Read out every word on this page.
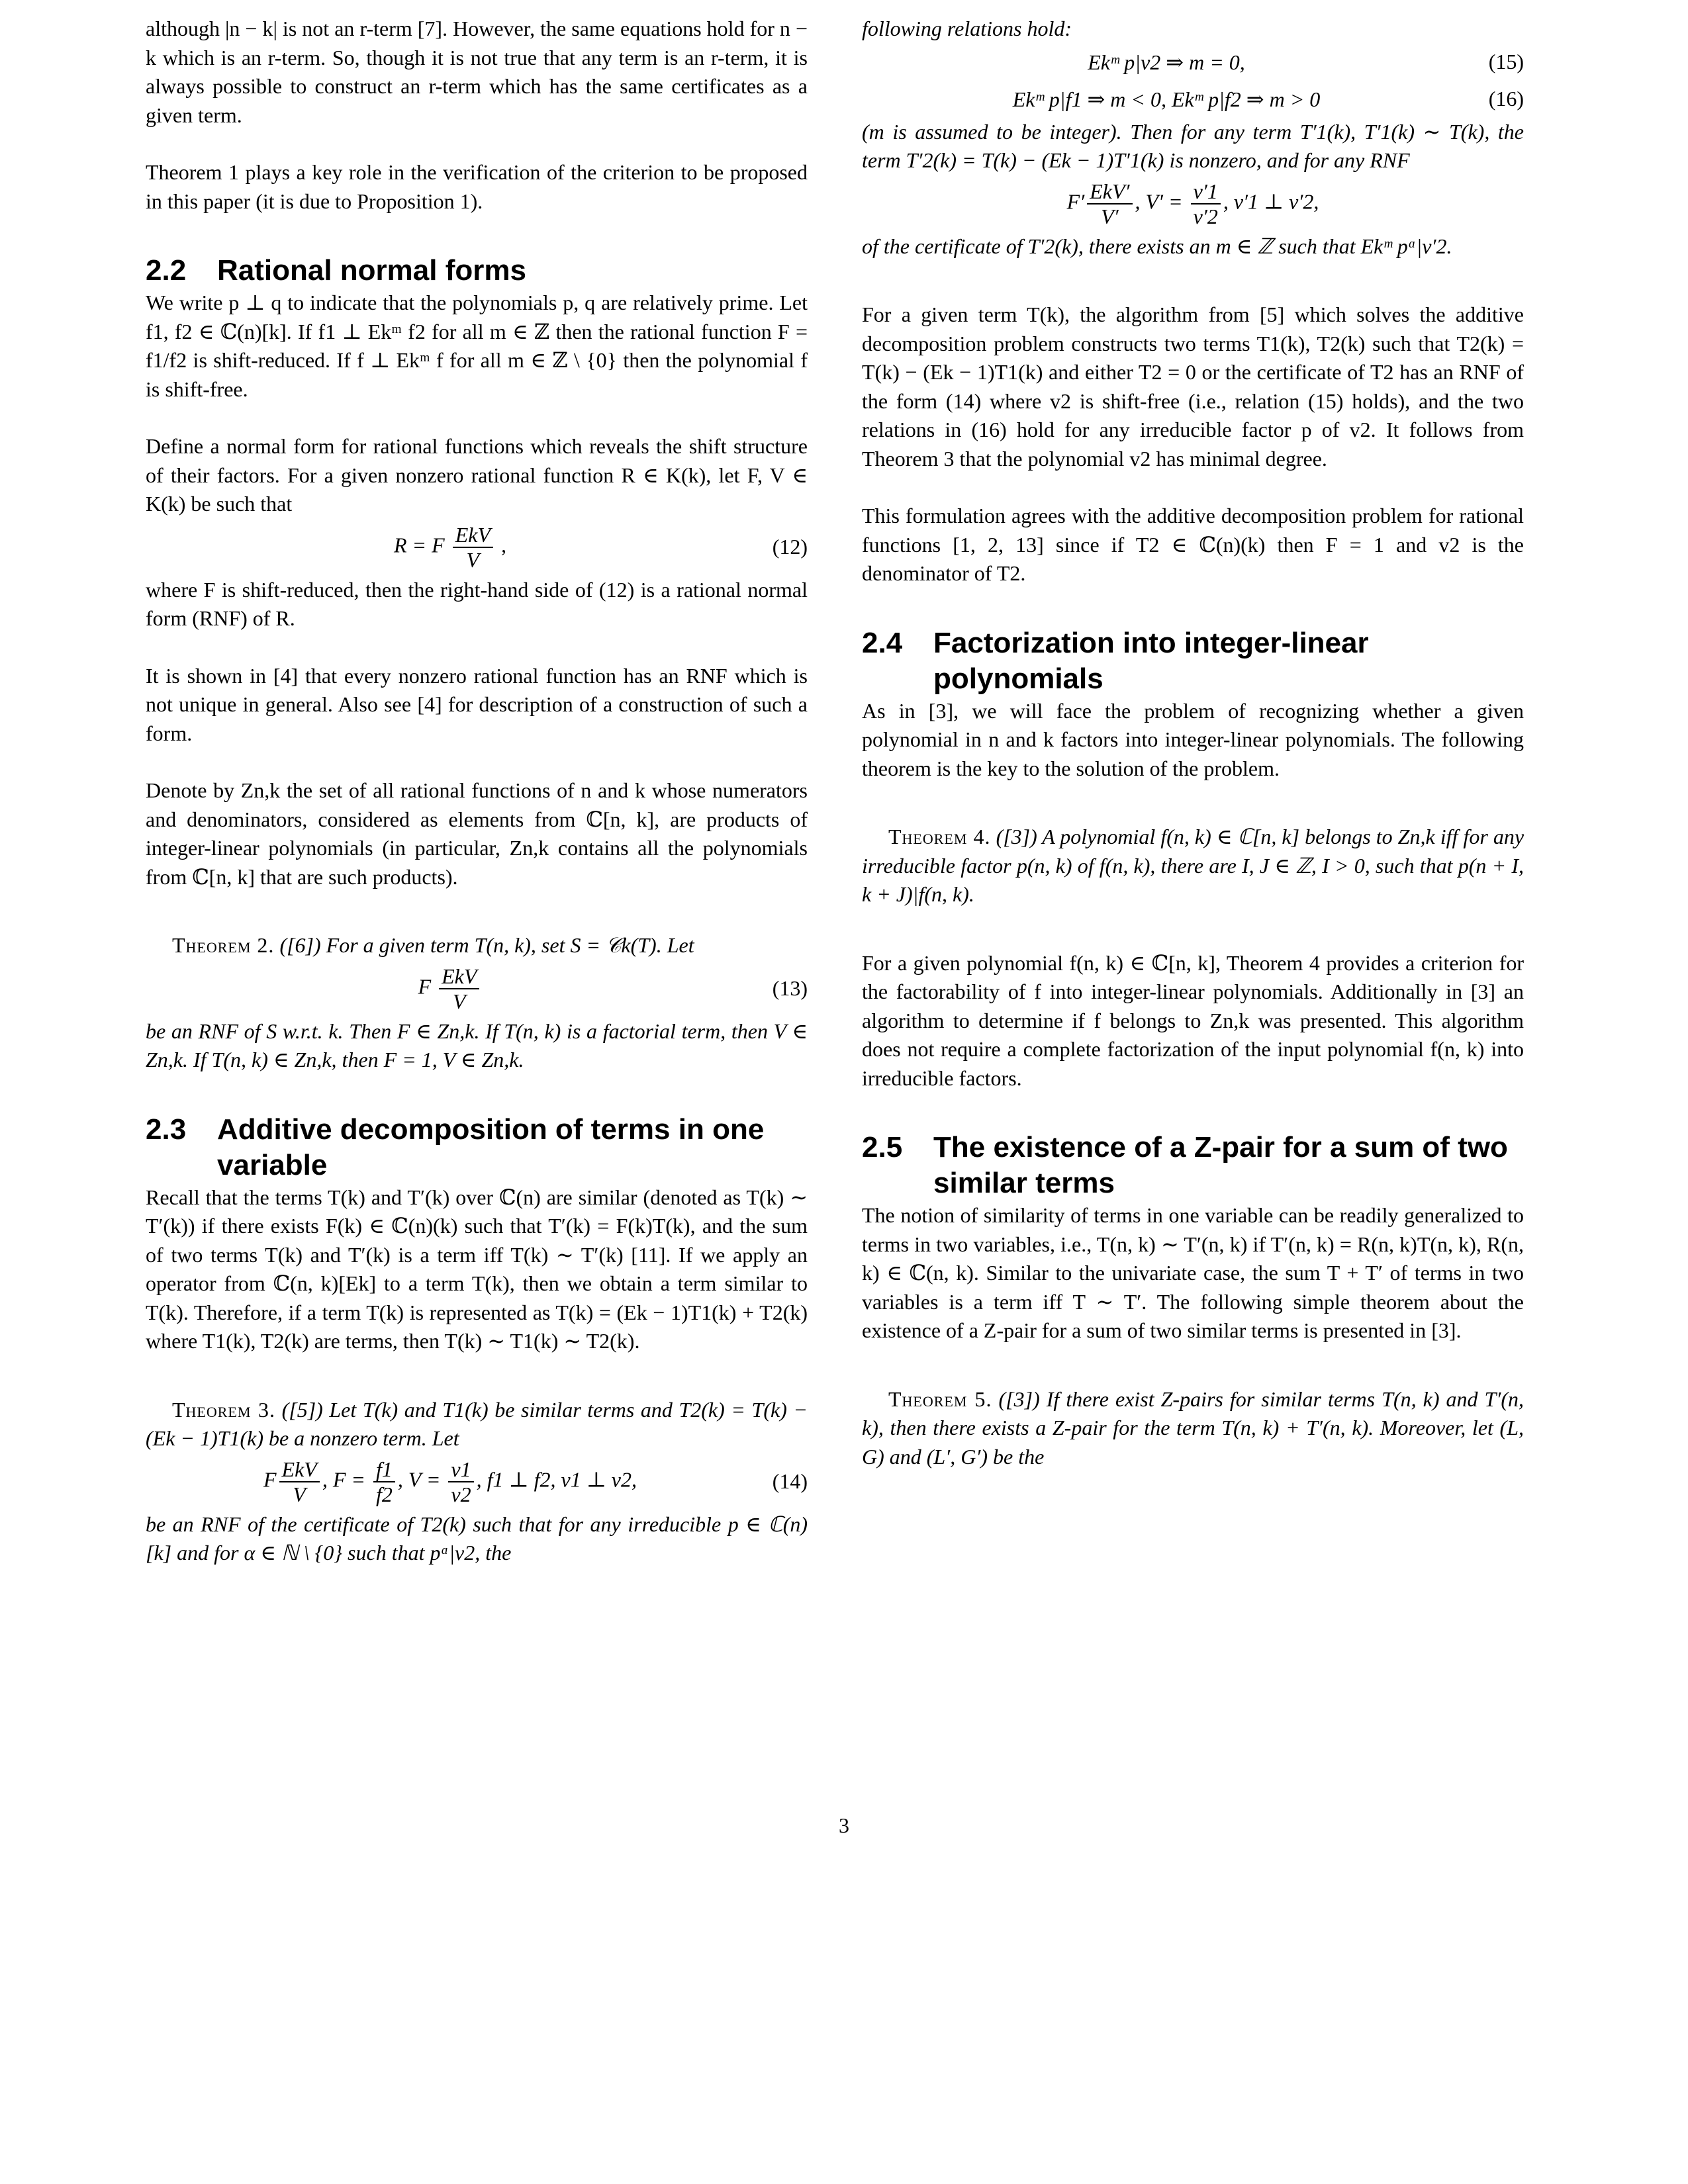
although |n − k| is not an r-term [7]. However, the same equations hold for n − k which is an r-term. So, though it is not true that any term is an r-term, it is always possible to construct an r-term which has the same certificates as a given term.

Theorem 1 plays a key role in the verification of the criterion to be proposed in this paper (it is due to Proposition 1).

2.2	Rational normal forms

We write p ⊥ q to indicate that the polynomials p, q are relatively prime. Let f1, f2 ∈ ℂ(n)[k]. If f1 ⊥ Ekᵐ f2 for all m ∈ ℤ then the rational function F = f1/f2 is shift-reduced. If f ⊥ Ekᵐ f for all m ∈ ℤ \ {0} then the polynomial f is shift-free.

Define a normal form for rational functions which reveals the shift structure of their factors. For a given nonzero rational function R ∈ K(k), let F, V ∈ K(k) be such that

R = F $\frac{\text{EkV}}{V}$ ,	(12)

where F is shift-reduced, then the right-hand side of (12) is a rational normal form (RNF) of R.

It is shown in [4] that every nonzero rational function has an RNF which is not unique in general. Also see [4] for description of a construction of such a form.

Denote by Zn,k the set of all rational functions of n and k whose numerators and denominators, considered as elements from ℂ[n, k], are products of integer-linear polynomials (in particular, Zn,k contains all the polynomials from ℂ[n, k] that are such products).

Theorem 2. ([6]) For a given term T(n, k), set S = 𝒞k(T). Let

F $\frac{\text{EkV}}{V}$	(13)

be an RNF of S w.r.t. k. Then F ∈ Zn,k. If T(n, k) is a factorial term, then V ∈ Zn,k. If T(n, k) ∈ Zn,k, then F = 1, V ∈ Zn,k.

2.3	Additive decomposition of terms in one variable

Recall that the terms T(k) and T′(k) over ℂ(n) are similar (denoted as T(k) ∼ T′(k)) if there exists F(k) ∈ ℂ(n)(k) such that T′(k) = F(k)T(k), and the sum of two terms T(k) and T′(k) is a term iff T(k) ∼ T′(k) [11]. If we apply an operator from ℂ(n, k)[Ek] to a term T(k), then we obtain a term similar to T(k). Therefore, if a term T(k) is represented as T(k) = (Ek − 1)T1(k) + T2(k) where T1(k), T2(k) are terms, then T(k) ∼ T1(k) ∼ T2(k).

Theorem 3. ([5]) Let T(k) and T1(k) be similar terms and T2(k) = T(k) − (Ek − 1)T1(k) be a nonzero term. Let

F $\frac{\text{EkV}}{V}$ , $F = \frac{f1}{f2}$ , $V = \frac{v1}{v2}$ , f1 ⊥ f2, v1 ⊥ v2,	(14)

be an RNF of the certificate of T2(k) such that for any irreducible p ∈ ℂ(n)[k] and for α ∈ ℕ \ {0} such that pᵅ|v2, the

following relations hold:

Ekᵐ p|v2 ⇒ m = 0,	(15)
Ekᵐ p|f1 ⇒ m < 0, Ekᵐ p|f2 ⇒ m > 0	(16)

(m is assumed to be integer). Then for any term T′1(k), T′1(k) ∼ T(k), the term T′2(k) = T(k) − (Ek − 1)T′1(k) is nonzero, and for any RNF

$F' \frac{\text{EkV′}}{V'}$ , $V' = \frac{v'1}{v'2}$ , v′1 ⊥ v′2,

of the certificate of T′2(k), there exists an m ∈ ℤ such that Ekᵐ pᵅ|v′2.

For a given term T(k), the algorithm from [5] which solves the additive decomposition problem constructs two terms T1(k), T2(k) such that T2(k) = T(k) − (Ek − 1)T1(k) and either T2 = 0 or the certificate of T2 has an RNF of the form (14) where v2 is shift-free (i.e., relation (15) holds), and the two relations in (16) hold for any irreducible factor p of v2. It follows from Theorem 3 that the polynomial v2 has minimal degree.

This formulation agrees with the additive decomposition problem for rational functions [1, 2, 13] since if T2 ∈ ℂ(n)(k) then F = 1 and v2 is the denominator of T2.

2.4	Factorization into integer-linear polynomials

As in [3], we will face the problem of recognizing whether a given polynomial in n and k factors into integer-linear polynomials. The following theorem is the key to the solution of the problem.

Theorem 4. ([3]) A polynomial f(n, k) ∈ ℂ[n, k] belongs to Zn,k iff for any irreducible factor p(n, k) of f(n, k), there are I, J ∈ ℤ, I > 0, such that p(n + I, k + J)|f(n, k).

For a given polynomial f(n, k) ∈ ℂ[n, k], Theorem 4 provides a criterion for the factorability of f into integer-linear polynomials. Additionally in [3] an algorithm to determine if f belongs to Zn,k was presented. This algorithm does not require a complete factorization of the input polynomial f(n, k) into irreducible factors.

2.5	The existence of a Z-pair for a sum of two similar terms

The notion of similarity of terms in one variable can be readily generalized to terms in two variables, i.e., T(n, k) ∼ T′(n, k) if T′(n, k) = R(n, k)T(n, k), R(n, k) ∈ ℂ(n, k). Similar to the univariate case, the sum T + T′ of terms in two variables is a term iff T ∼ T′. The following simple theorem about the existence of a Z-pair for a sum of two similar terms is presented in [3].

Theorem 5. ([3]) If there exist Z-pairs for similar terms T(n, k) and T′(n, k), then there exists a Z-pair for the term T(n, k) + T′(n, k). Moreover, let (L, G) and (L′, G′) be the

3
